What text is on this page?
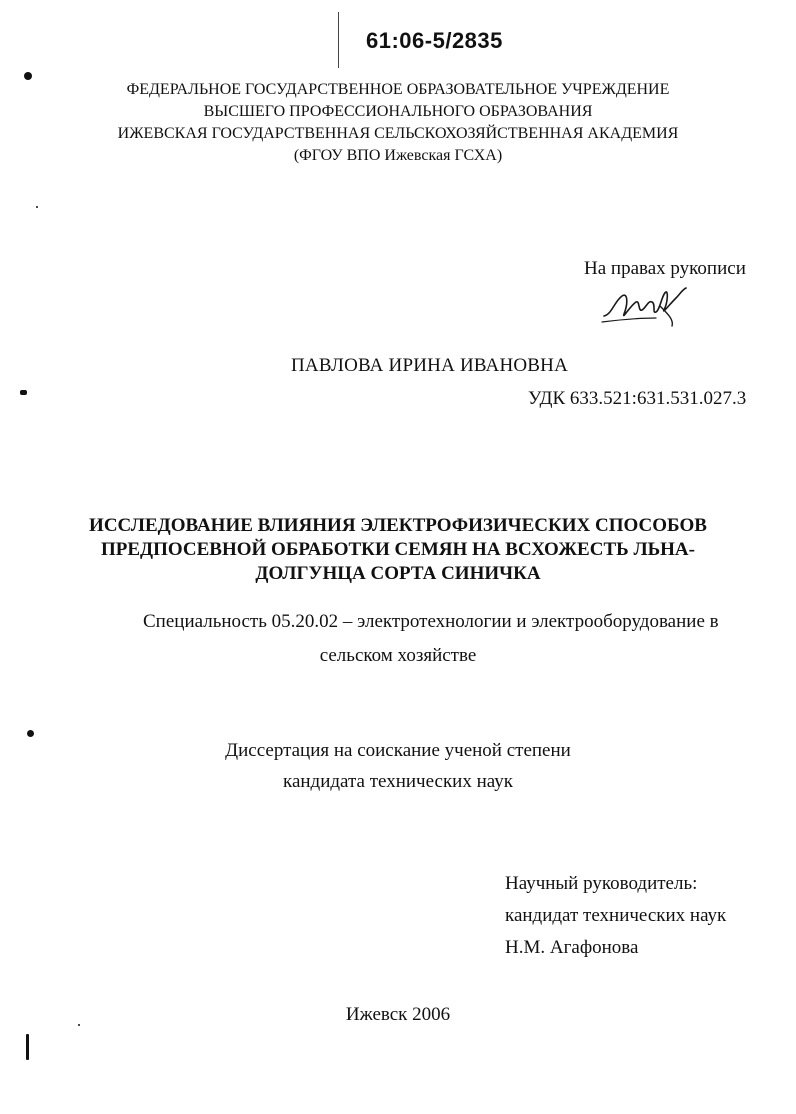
61:06-5/2835
ФЕДЕРАЛЬНОЕ ГОСУДАРСТВЕННОЕ ОБРАЗОВАТЕЛЬНОЕ УЧРЕЖДЕНИЕ
ВЫСШЕГО ПРОФЕССИОНАЛЬНОГО ОБРАЗОВАНИЯ
ИЖЕВСКАЯ ГОСУДАРСТВЕННАЯ СЕЛЬСКОХОЗЯЙСТВЕННАЯ АКАДЕМИЯ
(ФГОУ ВПО Ижевская ГСХА)
На правах рукописи
ПАВЛОВА ИРИНА ИВАНОВНА
УДК 633.521:631.531.027.3
ИССЛЕДОВАНИЕ ВЛИЯНИЯ ЭЛЕКТРОФИЗИЧЕСКИХ СПОСОБОВ
ПРЕДПОСЕВНОЙ ОБРАБОТКИ СЕМЯН НА ВСХОЖЕСТЬ ЛЬНА-
ДОЛГУНЦА СОРТА СИНИЧКА
Специальность 05.20.02 – электротехнологии и электрооборудование в
сельском хозяйстве
Диссертация на соискание ученой степени
кандидата технических наук
Научный руководитель:
кандидат технических наук
Н.М. Агафонова
Ижевск 2006
